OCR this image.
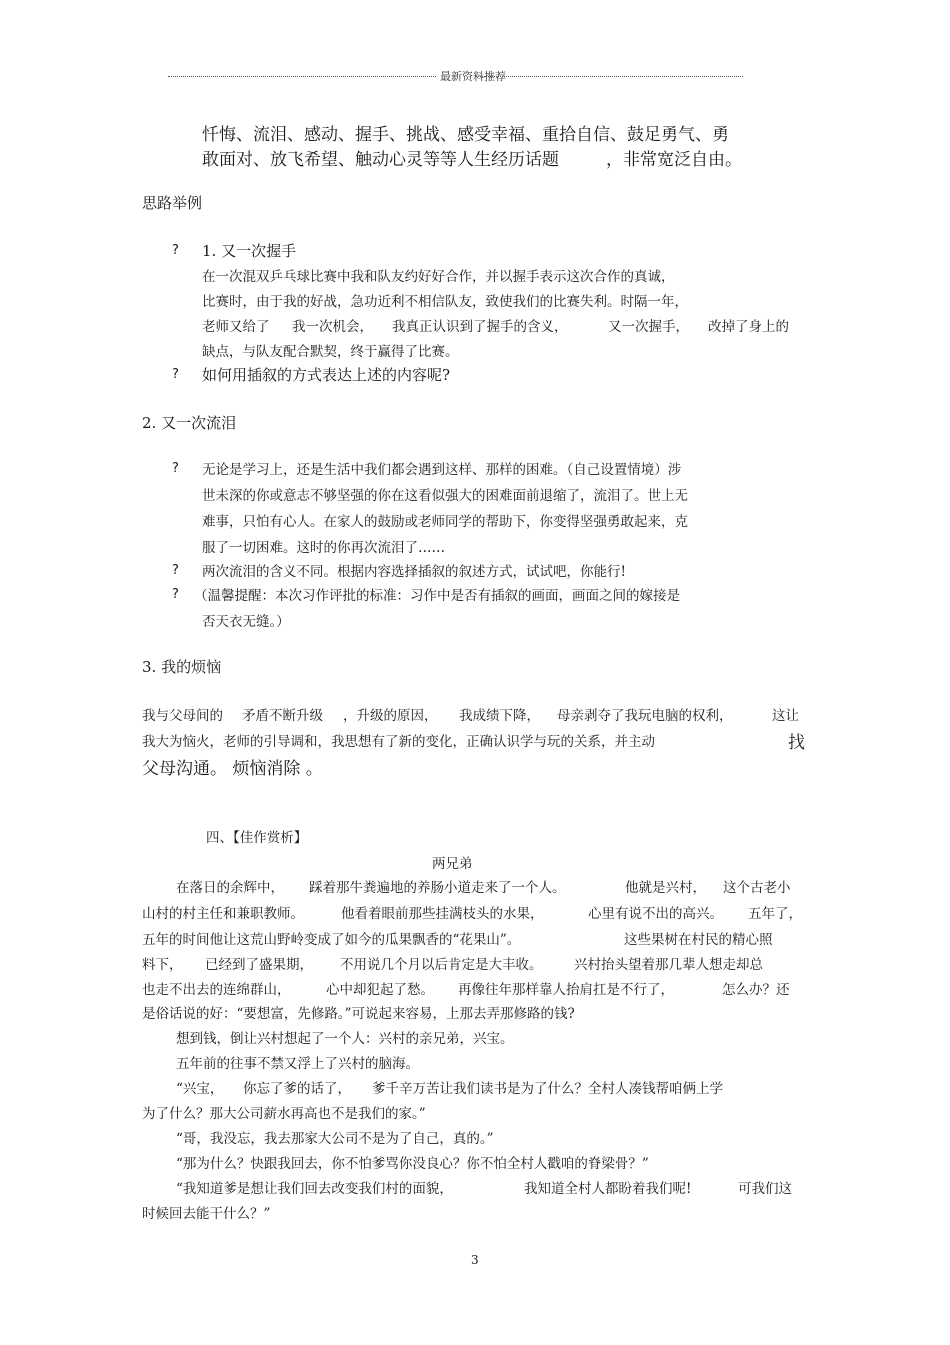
最新资料推荐
忏悔、流泪、感动、握手、挑战、感受幸福、重拾自信、鼓足勇气、勇
敢面对、放飞希望、触动心灵等等人生经历话题	，非常宽泛自由。
思路举例
? 1. 又一次握手
在一次混双乒乓球比赛中我和队友约好好合作，并以握手表示这次合作的真诚，
比赛时，由于我的好战，急功近利不相信队友，致使我们的比赛失利。时隔一年，
老师又给了 我一次机会， 我真正认识到了握手的含义，	又一次握手， 改掉了身上的
缺点，与队友配合默契，终于赢得了比赛。
? 如何用插叙的方式表达上述的内容呢?
2. 又一次流泪
? 无论是学习上，还是生活中我们都会遇到这样、那样的困难。（自己设置情境）涉
世未深的你或意志不够坚强的你在这看似强大的困难面前退缩了，流泪了。世上无
难事，只怕有心人。在家人的鼓励或老师同学的帮助下，你变得坚强勇敢起来，克
服了一切困难。这时的你再次流泪了……
? 两次流泪的含义不同。根据内容选择插叙的叙述方式，试试吧，你能行!
? （温馨提醒：本次习作评批的标准：习作中是否有插叙的画面，画面之间的嫁接是
否天衣无缝。）
3. 我的烦恼
我与父母间的 矛盾不断升级 ，升级的原因， 我成绩下降， 母亲剥夺了我玩电脑的权利，	这让
我大为恼火，老师的引导调和，我思想有了新的变化，正确认识学与玩的关系，并主动	找
父母沟通。 烦恼消除 。
四、【佳作赏析】
两兄弟
在落日的余辉中， 踩着那牛粪遍地的养肠小道走来了一个人。	他就是兴村， 这个古老小
山村的村主任和兼职教师。	他看着眼前那些挂满枝头的水果，	心里有说不出的高兴。 五年了，
五年的时间他让这荒山野岭变成了如今的瓜果飘香的“花果山”。	这些果树在村民的精心照
料下， 已经到了盛果期， 不用说几个月以后肯定是大丰收。 兴村抬头望着那几辈人想走却总
也走不出去的连绵群山，	心中却犯起了愁。 再像往年那样靠人抬肩扛是不行了，	怎么办？还
是俗话说的好：“要想富，先修路。”可说起来容易，上那去弄那修路的钱?
想到钱，倒让兴村想起了一个人：兴村的亲兄弟，兴宝。
五年前的往事不禁又浮上了兴村的脑海。
“兴宝， 你忘了爹的话了， 爹千辛万苦让我们读书是为了什么？全村人凑钱帮咱俩上学
为了什么？那大公司薪水再高也不是我们的家。”
“哥，我没忘，我去那家大公司不是为了自己，真的。”
“那为什么？快跟我回去，你不怕爹骂你没良心？你不怕全村人戳咱的脊梁骨？”
“我知道爹是想让我们回去改变我们村的面貌，	我知道全村人都盼着我们呢!	可我们这
时候回去能干什么？”
3
